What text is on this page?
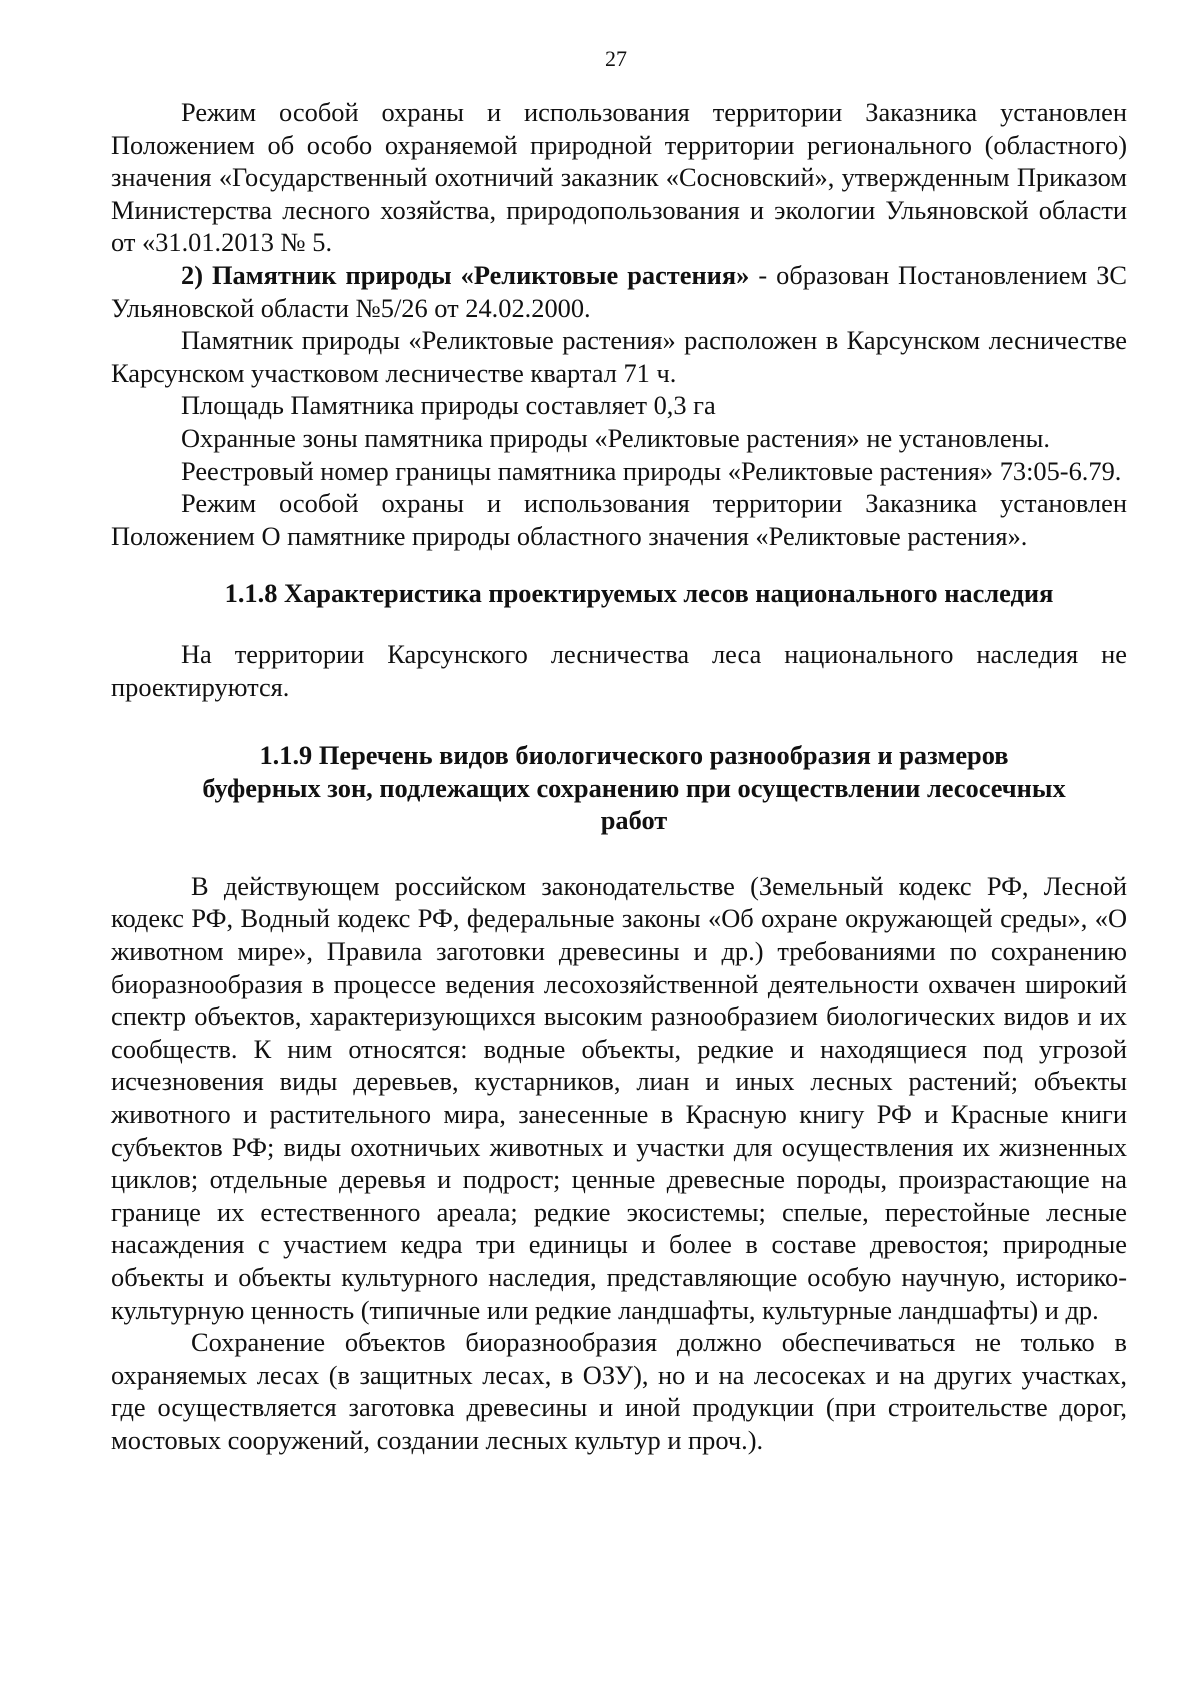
27

Режим особой охраны и использования территории Заказника установлен Положением об особо охраняемой природной территории регионального (областного) значения «Государственный охотничий заказник «Сосновский», утвержденным Приказом Министерства лесного хозяйства, природопользования и экологии Ульяновской области от «31.01.2013 № 5.

2) Памятник природы «Реликтовые растения» - образован Постановлением ЗС Ульяновской области №5/26 от 24.02.2000.

Памятник природы «Реликтовые растения» расположен в Карсунском лесничестве Карсунском участковом лесничестве квартал 71 ч.

Площадь Памятника природы составляет 0,3 га

Охранные зоны памятника природы «Реликтовые растения» не установлены.

Реестровый номер границы памятника природы «Реликтовые растения» 73:05-6.79.

Режим особой охраны и использования территории Заказника установлен Положением О памятнике природы областного значения «Реликтовые растения».

1.1.8 Характеристика проектируемых лесов национального наследия

На территории Карсунского лесничества леса национального наследия не проектируются.

1.1.9 Перечень видов биологического разнообразия и размеров
буферных зон, подлежащих сохранению при осуществлении лесосечных
работ

В действующем российском законодательстве (Земельный кодекс РФ, Лесной кодекс РФ, Водный кодекс РФ, федеральные законы «Об охране окружающей среды», «О животном мире», Правила заготовки древесины и др.) требованиями по сохранению биоразнообразия в процессе ведения лесохозяйственной деятельности охвачен широкий спектр объектов, характеризующихся высоким разнообразием биологических видов и их сообществ. К ним относятся: водные объекты, редкие и находящиеся под угрозой исчезновения виды деревьев, кустарников, лиан и иных лесных растений; объекты животного и растительного мира, занесенные в Красную книгу РФ и Красные книги субъектов РФ; виды охотничьих животных и участки для осуществления их жизненных циклов; отдельные деревья и подрост; ценные древесные породы, произрастающие на границе их естественного ареала; редкие экосистемы; спелые, перестойные лесные насаждения с участием кедра три единицы и более в составе древостоя; природные объекты и объекты культурного наследия, представляющие особую научную, историко-культурную ценность (типичные или редкие ландшафты, культурные ландшафты) и др.

Сохранение объектов биоразнообразия должно обеспечиваться не только в охраняемых лесах (в защитных лесах, в ОЗУ), но и на лесосеках и на других участках, где осуществляется заготовка древесины и иной продукции (при строительстве дорог, мостовых сооружений, создании лесных культур и проч.).
